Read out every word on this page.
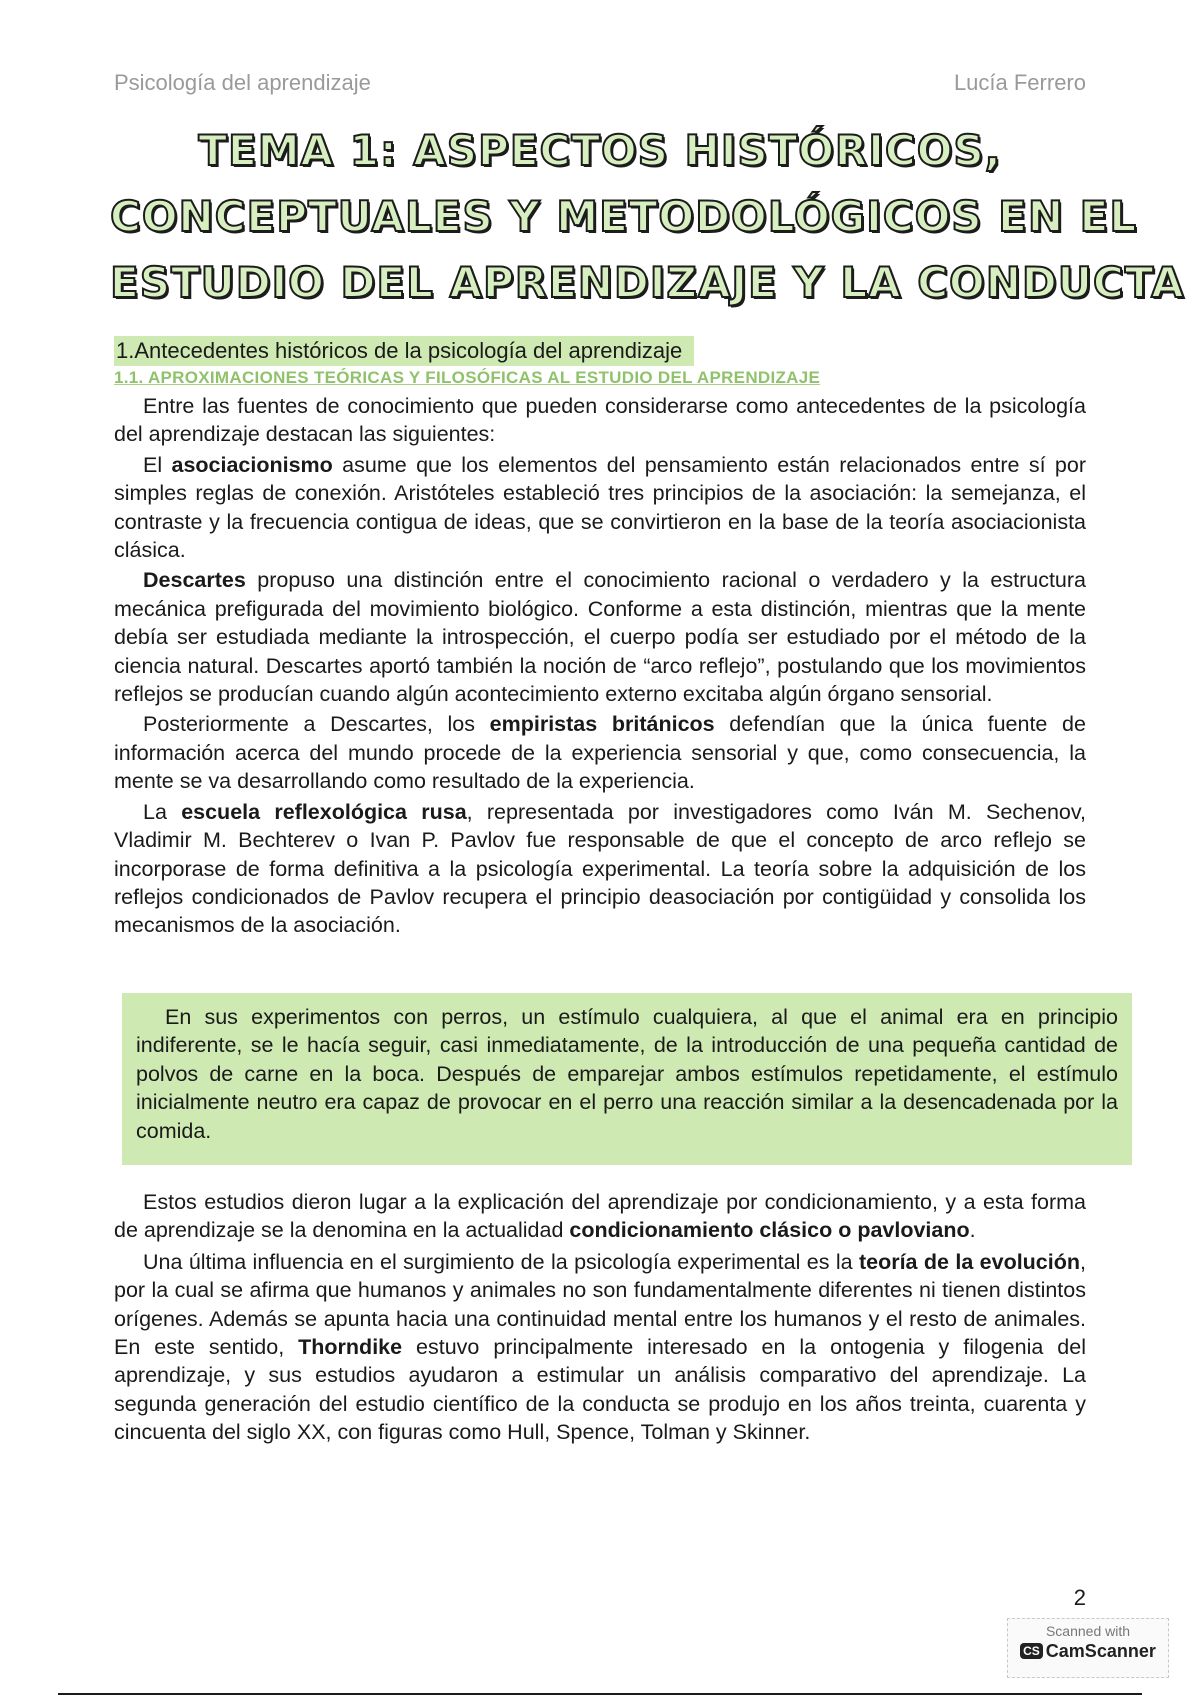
Psicología del aprendizaje	Lucía Ferrero
TEMA 1: ASPECTOS HISTÓRICOS,
CONCEPTUALES Y METODOLÓGICOS EN EL
ESTUDIO DEL APRENDIZAJE Y LA CONDUCTA
1.Antecedentes históricos de la psicología del aprendizaje
1.1. APROXIMACIONES TEÓRICAS Y FILOSÓFICAS AL ESTUDIO DEL APRENDIZAJE

Entre las fuentes de conocimiento que pueden considerarse como antecedentes de la psicología del aprendizaje destacan las siguientes:

El asociacionismo asume que los elementos del pensamiento están relacionados entre sí por simples reglas de conexión. Aristóteles estableció tres principios de la asociación: la semejanza, el contraste y la frecuencia contigua de ideas, que se convirtieron en la base de la teoría asociacionista clásica.

Descartes propuso una distinción entre el conocimiento racional o verdadero y la estructura mecánica prefigurada del movimiento biológico. Conforme a esta distinción, mientras que la mente debía ser estudiada mediante la introspección, el cuerpo podía ser estudiado por el método de la ciencia natural. Descartes aportó también la noción de “arco reflejo”, postulando que los movimientos reflejos se producían cuando algún acontecimiento externo excitaba algún órgano sensorial.

Posteriormente a Descartes, los empiristas británicos defendían que la única fuente de información acerca del mundo procede de la experiencia sensorial y que, como consecuencia, la mente se va desarrollando como resultado de la experiencia.

La escuela reflexológica rusa, representada por investigadores como Iván M. Sechenov, Vladimir M. Bechterev o Ivan P. Pavlov fue responsable de que el concepto de arco reflejo se incorporase de forma definitiva a la psicología experimental. La teoría sobre la adquisición de los reflejos condicionados de Pavlov recupera el principio deasociación por contigüidad y consolida los mecanismos de la asociación.

En sus experimentos con perros, un estímulo cualquiera, al que el animal era en principio indiferente, se le hacía seguir, casi inmediatamente, de la introducción de una pequeña cantidad de polvos de carne en la boca. Después de emparejar ambos estímulos repetidamente, el estímulo inicialmente neutro era capaz de provocar en el perro una reacción similar a la desencadenada por la comida.

Estos estudios dieron lugar a la explicación del aprendizaje por condicionamiento, y a esta forma de aprendizaje se la denomina en la actualidad condicionamiento clásico o pavloviano.

Una última influencia en el surgimiento de la psicología experimental es la teoría de la evolución, por la cual se afirma que humanos y animales no son fundamentalmente diferentes ni tienen distintos orígenes. Además se apunta hacia una continuidad mental entre los humanos y el resto de animales. En este sentido, Thorndike estuvo principalmente interesado en la ontogenia y filogenia del aprendizaje, y sus estudios ayudaron a estimular un análisis comparativo del aprendizaje. La segunda generación del estudio científico de la conducta se produjo en los años treinta, cuarenta y cincuenta del siglo XX, con figuras como Hull, Spence, Tolman y Skinner.

2
Scanned with
CS CamScanner
